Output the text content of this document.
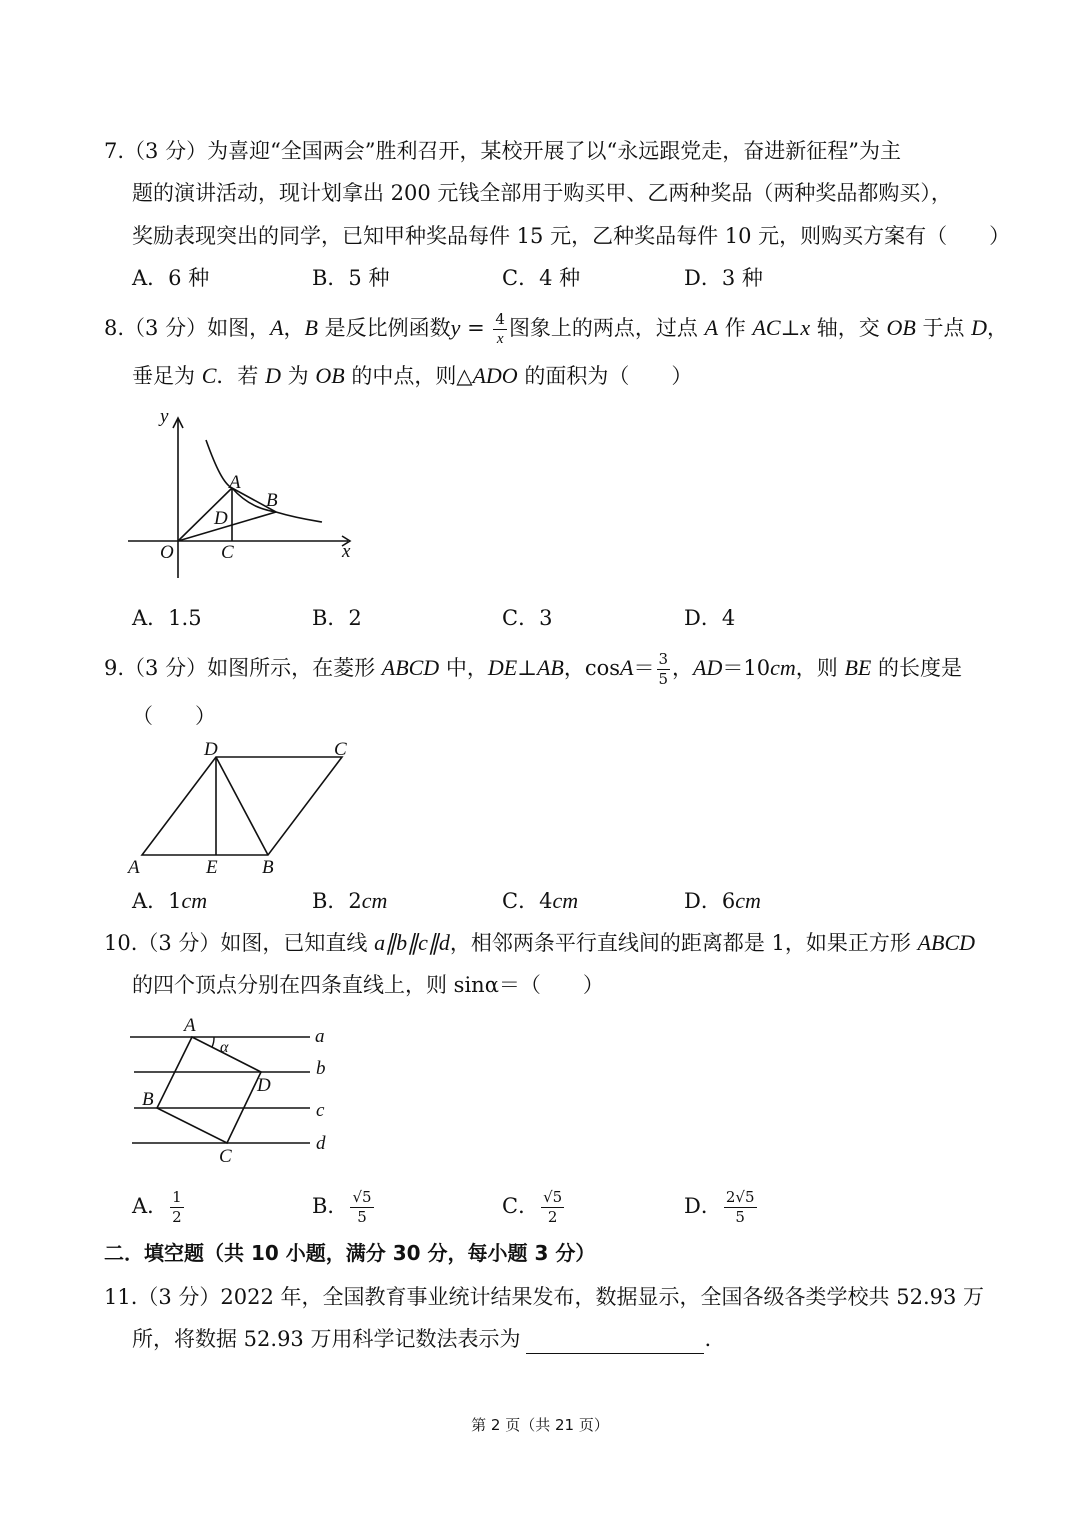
7.（3 分）为喜迎“全国两会”胜利召开，某校开展了以“永远跟党走，奋进新征程”为主
题的演讲活动，现计划拿出 200 元钱全部用于购买甲、乙两种奖品（两种奖品都购买），
奖励表现突出的同学，已知甲种奖品每件 15 元，乙种奖品每件 10 元，则购买方案有（　　）
A．6 种	B．5 种	C．4 种	D．3 种
8.（3 分）如图，A，B 是反比例函数$y = \frac{4}{x}$ 图象上的两点，过点 A 作 AC⊥x 轴，交 OB 于点 D，
垂足为 C．若 D 为 OB 的中点，则△ADO 的面积为（　　）
y
x
O
A
B
C
D
A．1.5	B．2	C．3	D．4
9.（3 分）如图所示，在菱形 ABCD 中，DE⊥AB，$\cos A= \frac{3}{5}$ ，AD＝10cm，则 BE 的长度是
（　　）
A	E B
D	C
A．1cm	B．2cm	C．4cm	D．6cm
10.（3 分）如图，已知直线 a∥b∥c∥d，相邻两条平行直线间的距离都是 1，如果正方形 ABCD
的四个顶点分别在四条直线上，则 sinα＝（　　）
A
α
D
B
C
a
b
c
d
A． $\frac{1}{2}$	B． $\frac{√5}{5}$	C． $\frac{√5}{2}$	D． $\frac{2√5}{5}$
二．填空题（共 10 小题，满分 30 分，每小题 3 分）
11.（3 分）2022 年，全国教育事业统计结果发布，数据显示，全国各级各类学校共 52.93 万
所，将数据 52.93 万用科学记数法表示为	.
第 2 页（共 21 页）
